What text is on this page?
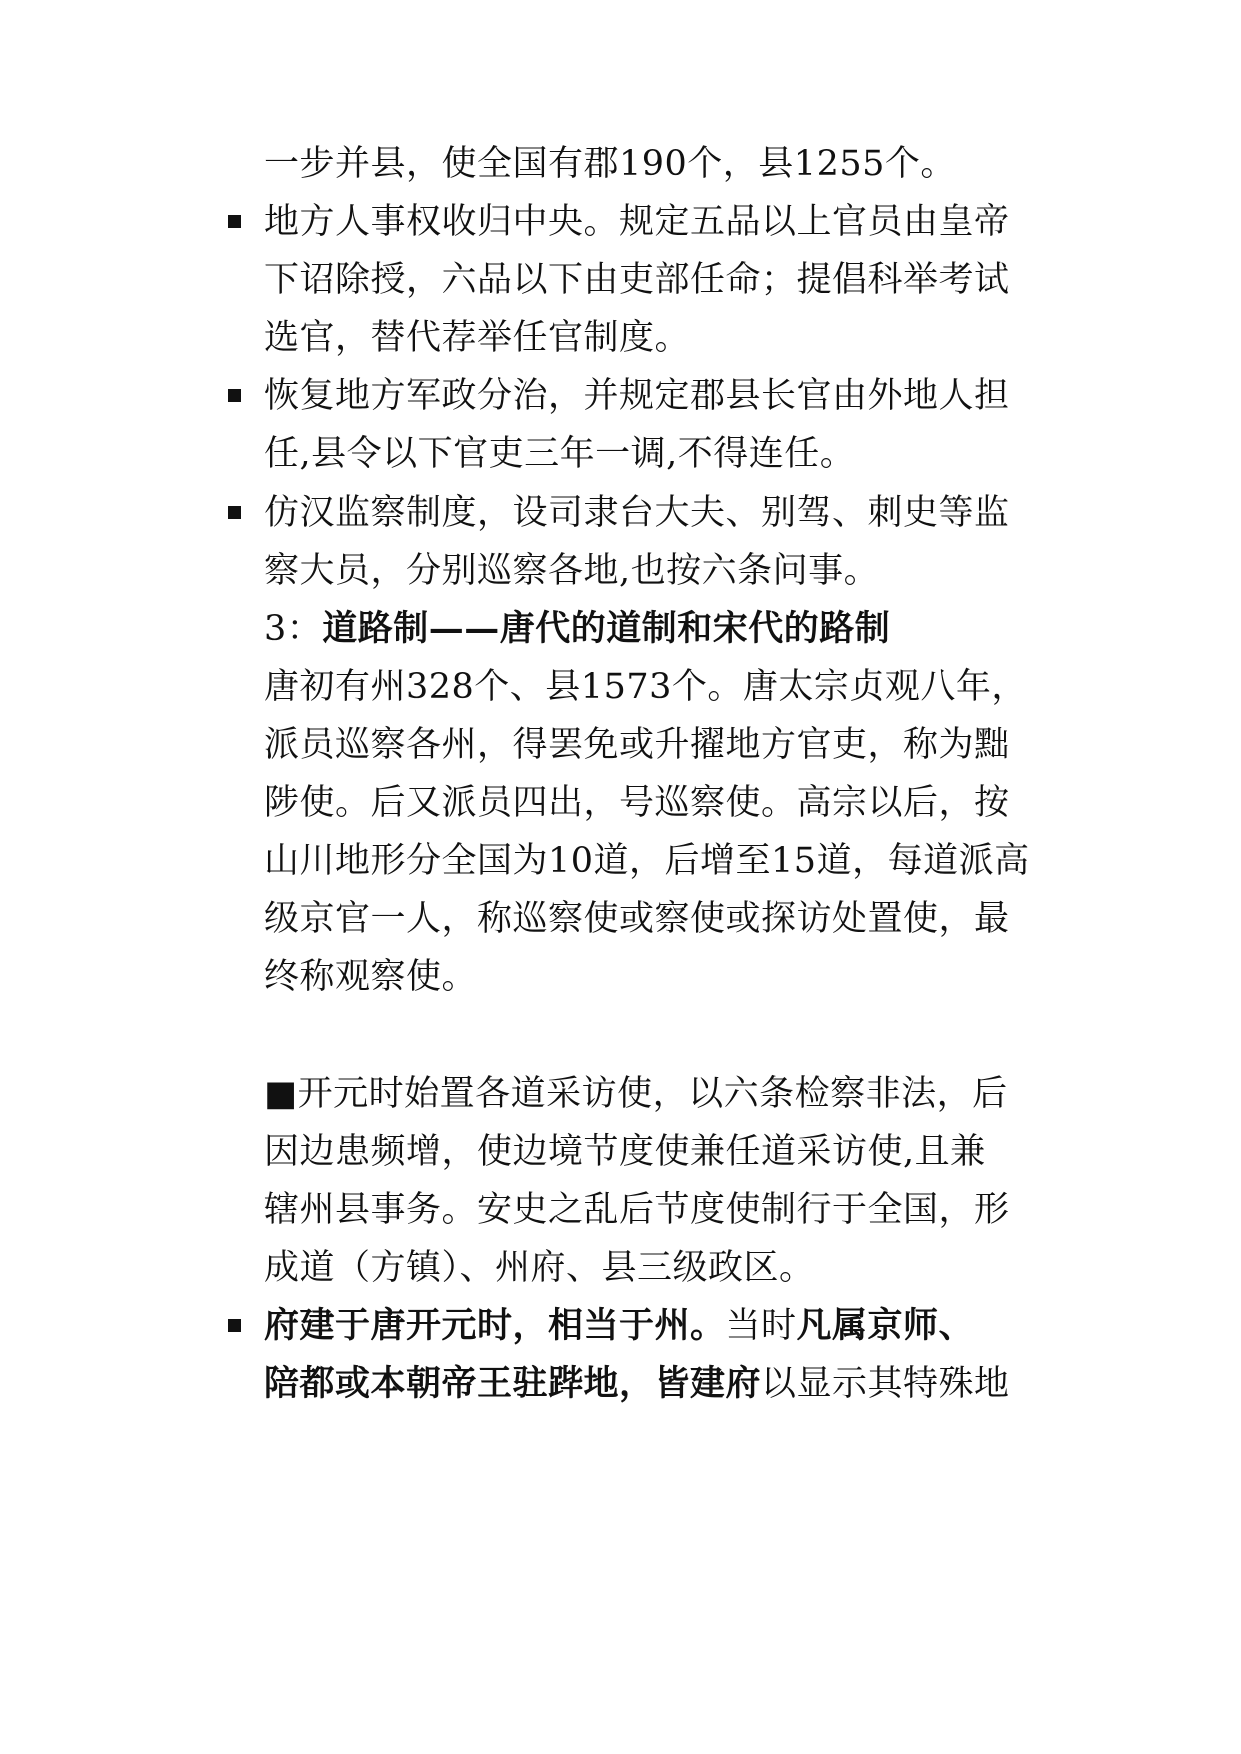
一步并县，使全国有郡190个，县1255个。
地方人事权收归中央。规定五品以上官员由皇帝
下诏除授，六品以下由吏部任命；提倡科举考试
选官，替代荐举任官制度。
恢复地方军政分治，并规定郡县长官由外地人担
任,县令以下官吏三年一调,不得连任。
仿汉监察制度，设司隶台大夫、别驾、刺史等监
察大员，分别巡察各地,也按六条问事。
3：道路制——唐代的道制和宋代的路制
唐初有州328个、县1573个。唐太宗贞观八年，
派员巡察各州，得罢免或升擢地方官吏，称为黜
陟使。后又派员四出，号巡察使。高宗以后，按
山川地形分全国为10道，后增至15道，每道派高
级京官一人，称巡察使或察使或探访处置使，最
终称观察使。
■开元时始置各道采访使，以六条检察非法，后
因边患频增，使边境节度使兼任道采访使,且兼
辖州县事务。安史之乱后节度使制行于全国，形
成道（方镇）、州府、县三级政区。
府建于唐开元时，相当于州。当时凡属京师、
陪都或本朝帝王驻跸地，皆建府以显示其特殊地
